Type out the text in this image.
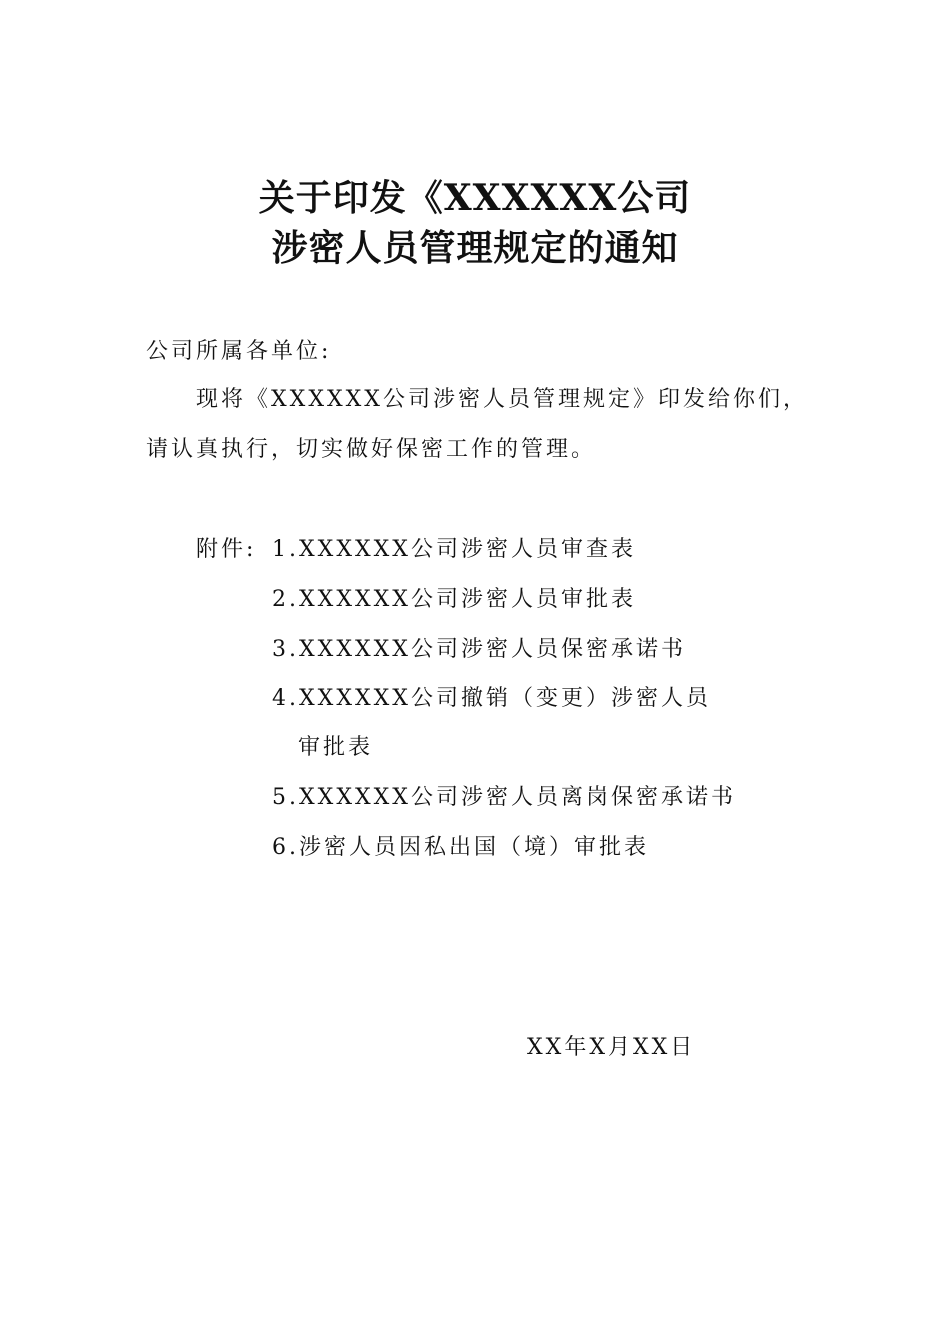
关于印发《XXXXXX公司
涉密人员管理规定的通知
公司所属各单位:
现将《XXXXXX公司涉密人员管理规定》印发给你们，
请认真执行，切实做好保密工作的管理。
附件: 1.XXXXXX公司涉密人员审查表
2.XXXXXX公司涉密人员审批表
3.XXXXXX公司涉密人员保密承诺书
4.XXXXXX公司撤销（变更）涉密人员
审批表
5.XXXXXX公司涉密人员离岗保密承诺书
6.涉密人员因私出国（境）审批表
XX年X月XX日
